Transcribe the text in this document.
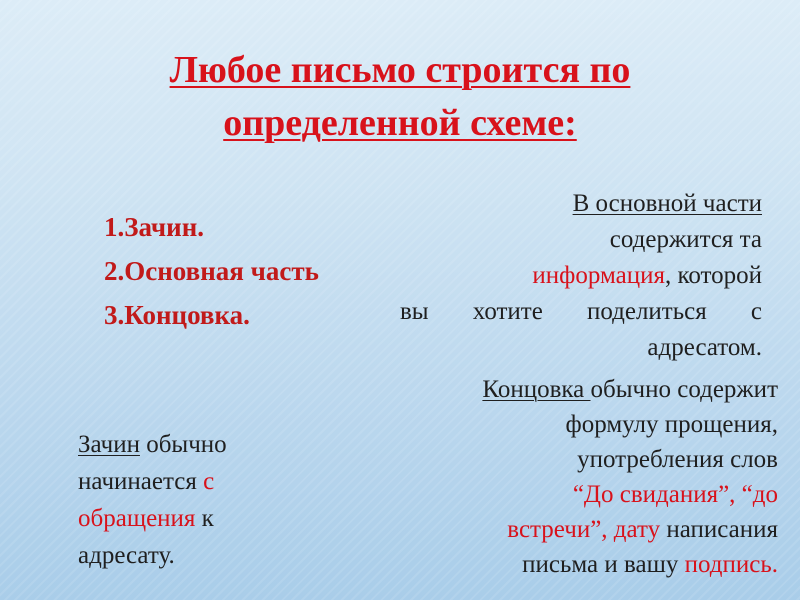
Любое письмо строится по
определенной схеме:
1.Зачин.
2.Основная часть
3.Концовка.
В основной части
содержится та
информация, которой
вы хотите поделиться с
адресатом.
Концовка обычно содержит
формулу прощения,
употребления слов
“До свидания”, “до
встречи”, дату написания
письма и вашу подпись.
Зачин обычно
начинается с
обращения к
адресату.
